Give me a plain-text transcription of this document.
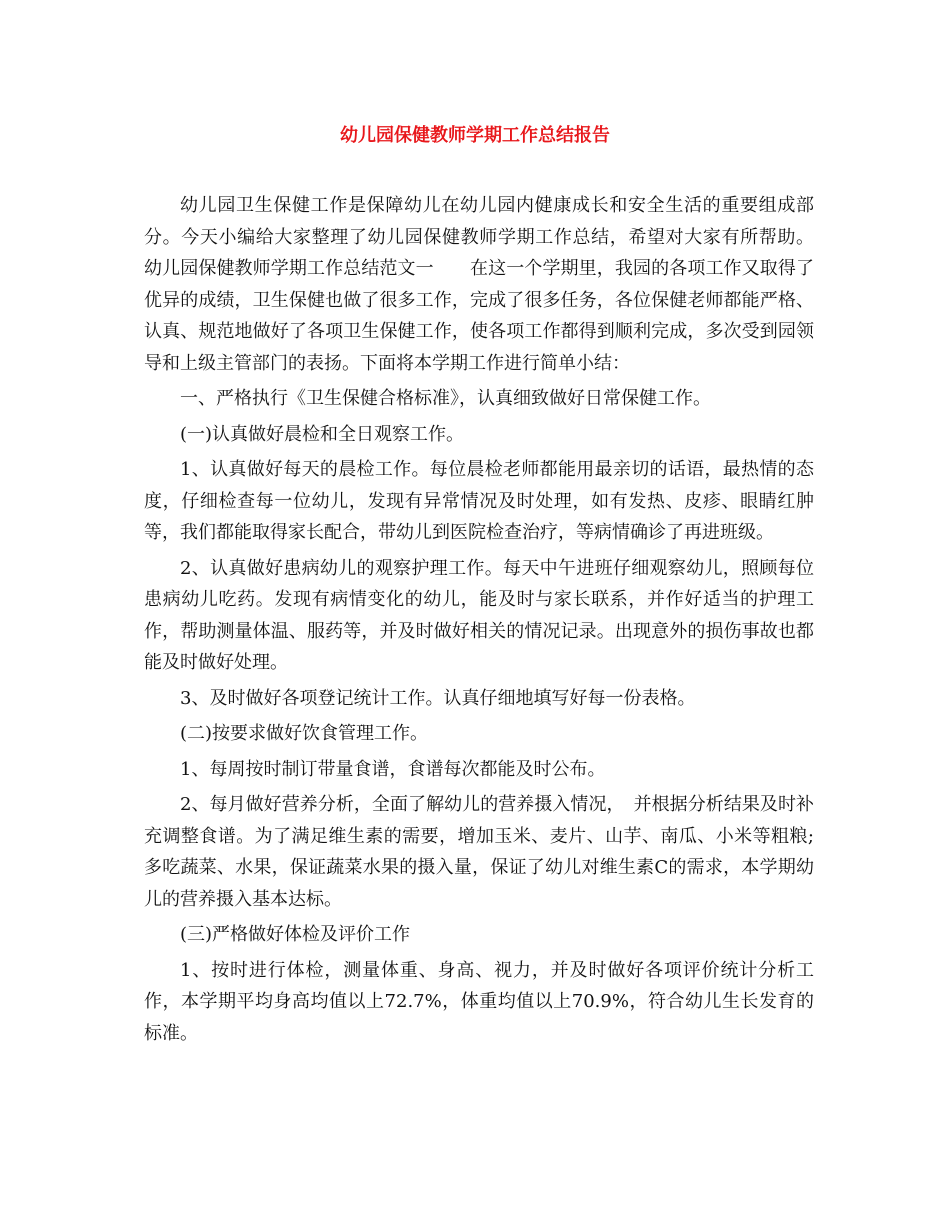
幼儿园保健教师学期工作总结报告

幼儿园卫生保健工作是保障幼儿在幼儿园内健康成长和安全生活的重要组成部分。今天小编给大家整理了幼儿园保健教师学期工作总结，希望对大家有所帮助。 幼儿园保健教师学期工作总结范文一　　在这一个学期里，我园的各项工作又取得了优异的成绩，卫生保健也做了很多工作，完成了很多任务，各位保健老师都能严格、认真、规范地做好了各项卫生保健工作，使各项工作都得到顺利完成，多次受到园领导和上级主管部门的表扬。下面将本学期工作进行简单小结：

一、严格执行《卫生保健合格标准》，认真细致做好日常保健工作。

(一)认真做好晨检和全日观察工作。

1、认真做好每天的晨检工作。每位晨检老师都能用最亲切的话语，最热情的态度，仔细检查每一位幼儿，发现有异常情况及时处理，如有发热、皮疹、眼睛红肿等，我们都能取得家长配合，带幼儿到医院检查治疗，等病情确诊了再进班级。

2、认真做好患病幼儿的观察护理工作。每天中午进班仔细观察幼儿，照顾每位患病幼儿吃药。发现有病情变化的幼儿，能及时与家长联系，并作好适当的护理工作，帮助测量体温、服药等，并及时做好相关的情况记录。出现意外的损伤事故也都能及时做好处理。

3、及时做好各项登记统计工作。认真仔细地填写好每一份表格。

(二)按要求做好饮食管理工作。

1、每周按时制订带量食谱，食谱每次都能及时公布。

2、每月做好营养分析，全面了解幼儿的营养摄入情况，　并根据分析结果及时补充调整食谱。为了满足维生素的需要，增加玉米、麦片、山芋、南瓜、小米等粗粮;多吃蔬菜、水果，保证蔬菜水果的摄入量，保证了幼儿对维生素C的需求，本学期幼儿的营养摄入基本达标。

(三)严格做好体检及评价工作

1、按时进行体检，测量体重、身高、视力，并及时做好各项评价统计分析工作，本学期平均身高均值以上72.7%，体重均值以上70.9%，符合幼儿生长发育的标准。
